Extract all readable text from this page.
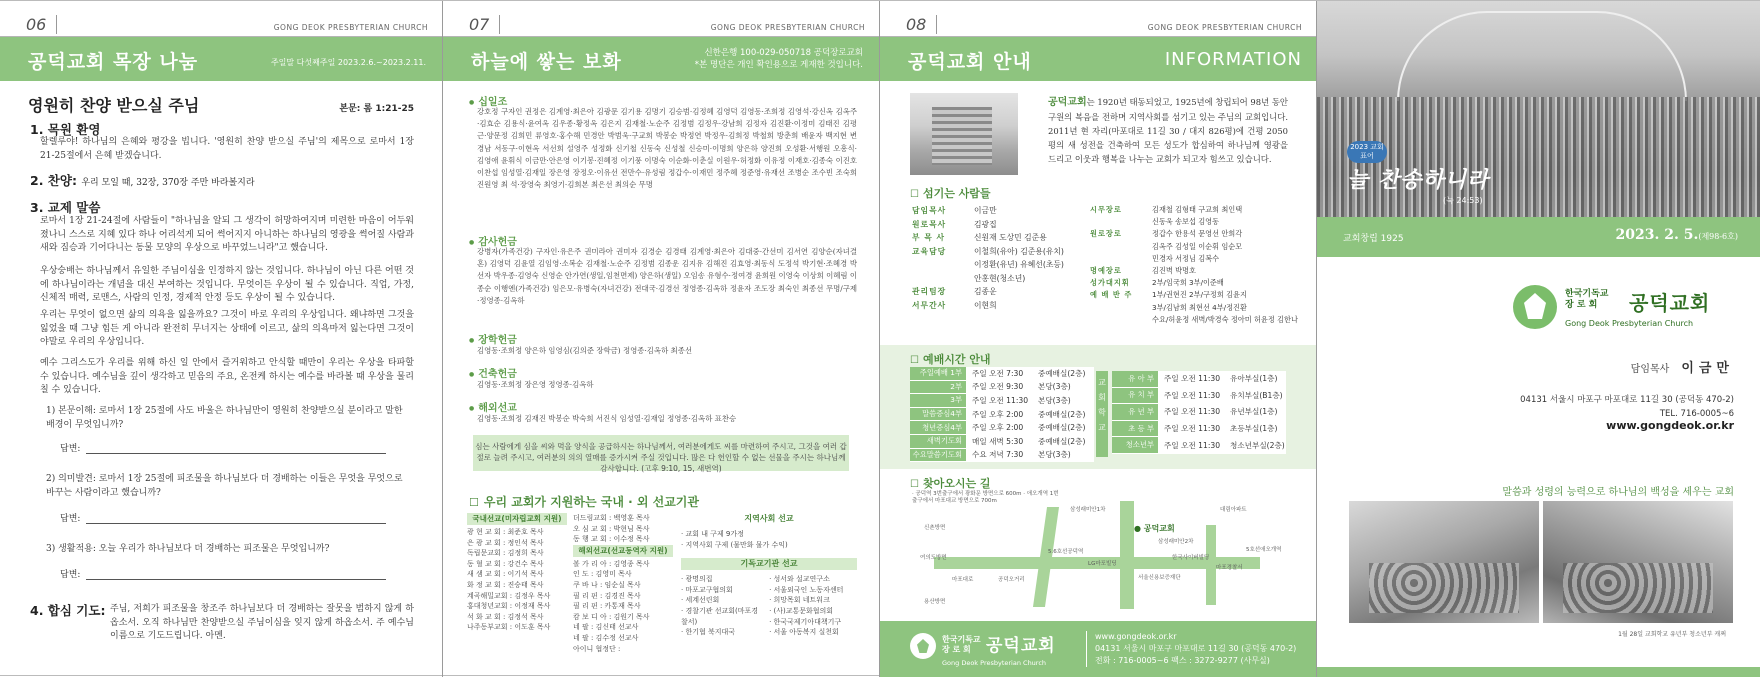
06	GONG DEOK PRESBYTERIAN CHURCH
공덕교회 목장 나눔	주일말 다섯째주일 2023.2.6.~2023.2.11.
영원히 찬양 받으실 주님	본문: 롬 1:21-25
1. 목원 환영
할렐루야! 하나님의 은혜와 평강을 빕니다. '영원히 찬양 받으실 주님'의 제목으로 로마서 1장 21-25절에서 은혜 받겠습니다.
2. 찬양: 우리 모일 때, 32장, 370장 주만 바라볼지라
3. 교제 말씀
로마서 1장 21-24절에 사람들이 "하나님을 알되 그 생각이 허망하여지며 미련한 마음이 어두워졌나니 스스로 지혜 있다 하나 어리석게 되어 썩어지지 아니하는 하나님의 영광을 썩어질 사람과 새와 짐승과 기어다니는 동물 모양의 우상으로 바꾸었느니라"고 했습니다.
우상숭배는 하나님께서 유일한 주님이심을 인정하지 않는 것입니다. 하나님이 아닌 다른 어떤 것에 하나님이라는 개념을 대신 부여하는 것입니다. 무엇이든 우상이 될 수 있습니다. 직업, 가정, 신체적 매력, 로맨스, 사람의 인정, 경제적 안정 등도 우상이 될 수 있습니다.
우리는 무엇이 없으면 삶의 의욕을 잃을까요? 그것이 바로 우리의 우상입니다. 왜냐하면 그것을 잃었을 때 그냥 힘든 게 아니라 완전히 무너지는 상태에 이르고, 삶의 의욕마저 잃는다면 그것이야말로 우리의 우상입니다.
예수 그리스도가 우리를 위해 하신 일 안에서 즐거워하고 안식할 때만이 우리는 우상을 타파할 수 있습니다. 예수님을 깊이 생각하고 믿음의 주요, 온전케 하시는 예수를 바라볼 때 우상을 물리칠 수 있습니다.
1) 본문이해: 로마서 1장 25절에 사도 바울은 하나님만이 영원히 찬양받으실 분이라고 말한 배경이 무엇입니까?
답변:
2) 의미발견: 로마서 1장 25절에 피조물을 하나님보다 더 경배하는 이들은 무엇을 무엇으로 바꾸는 사람이라고 했습니까?
답변:
3) 생활적용: 오늘 우리가 하나님보다 더 경배하는 피조물은 무엇입니까?
답변:
4. 합심 기도: 주님, 저희가 피조물을 창조주 하나님보다 더 경배하는 잘못을 범하지 않게 하옵소서. 오직 하나님만 찬양받으실 주님이심을 잊지 않게 하옵소서. 주 예수님 이름으로 기도드립니다. 아멘.
07	GONG DEOK PRESBYTERIAN CHURCH
하늘에 쌓는 보화	신한은행 100-029-050718 공덕장로교회
*본 명단은 개인 확인용으로 게재한 것입니다.
● 십일조
강호정 구자인 권정은 김계영·최은아 김광문 김기용 김명기 김승범·김정혜 김영덕 김영동·조희정 김영석·강신옥 김옥주·김효순 김용식·윤여옥 김우종·황정옥 김은지 김재철·노순주 김정범 김정우·강남희 김정자 김진환·이정미 김태진 김평근·양문정 김희민 류영호·홍수해 민경안 박범욱·구교희 박봉순 박정연 박정우·김희정 박철희 방춘희 배윤자 백지현 변경남 서동구·이현옥 서선희 설영주 성정화 신기철 신동숙 신성철 신승미·이명희 양은하 양진희 오성환·서행원 오흥식·김영애 윤휘식 이금만·안은영 이기봉·진혜정 이기풍 이명숙 이순화·이춘실 이원우·허정화 이유정 이재호·김종숙 이진호 이찬섭 임성열·김재일 장은영 장정오·이유선 전만수·유성림 정갑수·이재민 정주혜 정준영·유재선 조병순 조수빈 조숙희 진원영 최 석·장영숙 최영기·김희본 최은선 최의순 무명
● 감사헌금
강병자(가족건강) 구자인·유은주 권미라아 권미자 김경순 김경태 김계영·최은아 김대중·간선미 김서연 김양순(자녀결혼) 김영덕 김윤열 김임영·소복순 김재철·노순주 김정범 김종운 김지유 김해진 김효영·최동식 도정석 박기현·조혜경 박선자 박우종·김영숙 신영순 안가연(생일,임천면제) 양은하(생일) 오임송 유형수·정여경 윤희원 이영숙 이상희 이혜림 이종순 이행엔(가족건강) 임은모·유병숙(자녀건강) 전대국·김경선 정영종·김옥하 정윤자 조도장 최숙인 최종선 무명/구제·정영종·김옥하
● 장학헌금
김영동·조희정 양은하 임영심(김의준 장학금) 정영종·김옥하 최종선
● 건축헌금
김영동·조희정 장은영 정영종·김옥하
● 해외선교
김영동·조희정 김재진 박봉순 박숙희 서진식 임성열·김재일 정영종·김옥하 표찬승
심는 사람에게 심을 씨와 먹을 양식을 공급하시는 하나님께서, 여러분에게도 씨를 마련하여 주시고, 그것을 여러 갑절로 늘려 주시고, 여러분의 의의 열매를 증가시켜 주실 것입니다. 많은 다 헌인할 수 없는 선물을 주시는 하나님께 감사합니다. (고후 9:10, 15, 새번역)
☐ 우리 교회가 지원하는 국내 · 외 선교기관
국내선교(미자립교회 지원)
광 현 교 회 : 최준호 목사
은 광 교 회 : 정인석 목사
독립문교회 : 김정희 목사
동 혈 교 회 : 강건수 목사
새 샘 교 회 : 이기석 목사
화 정 교 회 : 진승태 목사
계곡해밀교회 : 김정우 목사
홍대청년교회 : 이정재 목사
석 화 교 회 : 김정석 목사
나주동부교회 : 이도훈 목사
더드림교회 : 백영훈 목사
오 심 교 회 : 박현님 목사
동 행 교 회 : 이수정 목사
해외선교(선교동역자 지원)
볼 가 리 아 : 김영종 목사
인 도 : 김영미 목사
쿠 바 나 : 임순실 목사
필 리 핀 : 김경진 목사
필 리 핀 : 카통재 목사
캄 보 디 아 : 김원기 목사
네 팔 : 김신태 선교사
네 팔 : 김수정 선교사
아이니 협정단 :
지역사회 선교
· 교회 내 구제 9가정
· 지역사회 구제 (물만화 물가 수익)
기독교기관 선교
· 광명의집
· 마포교구협의회
· 세계선린회
· 경찰기관 선교회(마포경찰서)
· 한기협 북지대국
· 성서와 설교연구소
· 서울외국인 노동자센터
· 희망목회 네트워크
· (사)교통문화협의회
· 한국국제기아대책기구
· 서울 아동복지 실천회
08	GONG DEOK PRESBYTERIAN CHURCH
공덕교회 안내	INFORMATION
공덕교회는 1920년 태동되었고, 1925년에 창립되어 98년 동안 구원의 복음을 전하며 지역사회를 섬기고 있는 주님의 교회입니다. 2011년 현 자리(마포대로 11길 30 / 대지 826평)에 건평 2050평의 새 성전을 건축하여 모든 성도가 합심하여 하나님께 영광을 드리고 이웃과 행복을 나누는 교회가 되고자 힘쓰고 있습니다.
☐ 섬기는 사람들
담임목사	이금만
원로목사	김광집
부 목 사	신원재 도상민 김준용
교육담당	이철희(유아) 김준용(유치)
이정환(유년) 유혜선(초등)
안홍현(청소년)
관리팀장	김종운
서무간사	이현희
시무장로	김재철 김형태 구교희 최인택
신동욱 송보섭 김영동
원로장로	정갑수 한용석 문영선 안희각
김옥주 김성일 이순휘 임순모
민경자 서정님 김복수
명예장로	김진벽 박명호
성가대지휘	2부/임국희 3부/이준배
예 배 반 주	1부/권현진 2부/구정희 김윤지
3부/김남희 최현선 4부/정진환
수요/허윤정 새벽/박경숙 정아미 허윤정 김한나
☐ 예배시간 안내
주일예배 1부	주일 오전 7:30	중예배실(2층)
2부	주일 오전 9:30	본당(3층)
3부	주일 오전 11:30	본당(3층)
말씀증심4부	주일 오후 2:00	중예배실(2층)
청년증심4부	주일 오후 2:00	중예배실(2층)
새벽기도회	매일 새벽 5:30	중예배실(2층)
수요말씀기도회	수요 저녁 7:30	본당(3층)
교회학교
유 아 부	주일 오전 11:30	유아부실(1층)
유 치 부	주일 오전 11:30	유치부실(B1층)
유 년 부	주일 오전 11:30	유년부실(1층)
초 등 부	주일 오전 11:30	초등부실(1층)
청소년부	주일 오전 11:30	청소년부실(2층)
☐ 찾아오시는 길
· 공덕역 3번출구에서 광화문 방면으로 600m · 애오개역 1번출구에서 마포대교 방면으로 700m
● 공덕교회
신촌방면
삼성래미안1차
여의도방면
마포대로
대림아파트
삼성래미안2차
공덕오거리
용산방면
5.6호선공덕역
LG마포빌딩
서울신용보증재단
한국사이버빌딩
마포경찰서
5호선애오개역
한국기독교
장 로 회 공덕교회
Gong Deok Presbyterian Church
www.gongdeok.or.kr
04131 서울시 마포구 마포대로 11길 30 (공덕동 470-2)
전화 : 716-0005~6 팩스 : 3272-9277 (사무실)
2023 교회표어
늘 찬송하니라
(눅 24:53)
교회창립 1925	2023. 2. 5.(제98-6호)
한국기독교
장 로 회	공덕교회
Gong Deok Presbyterian Church
담임목사 이금만
04131 서울시 마포구 마포대로 11길 30 (공덕동 470-2)
TEL. 716-0005~6
www.gongdeok.or.kr
말씀과 성령의 능력으로 하나님의 백성을 세우는 교회
1월 28일 교회학교 유년부 청소년부 캐쩌
